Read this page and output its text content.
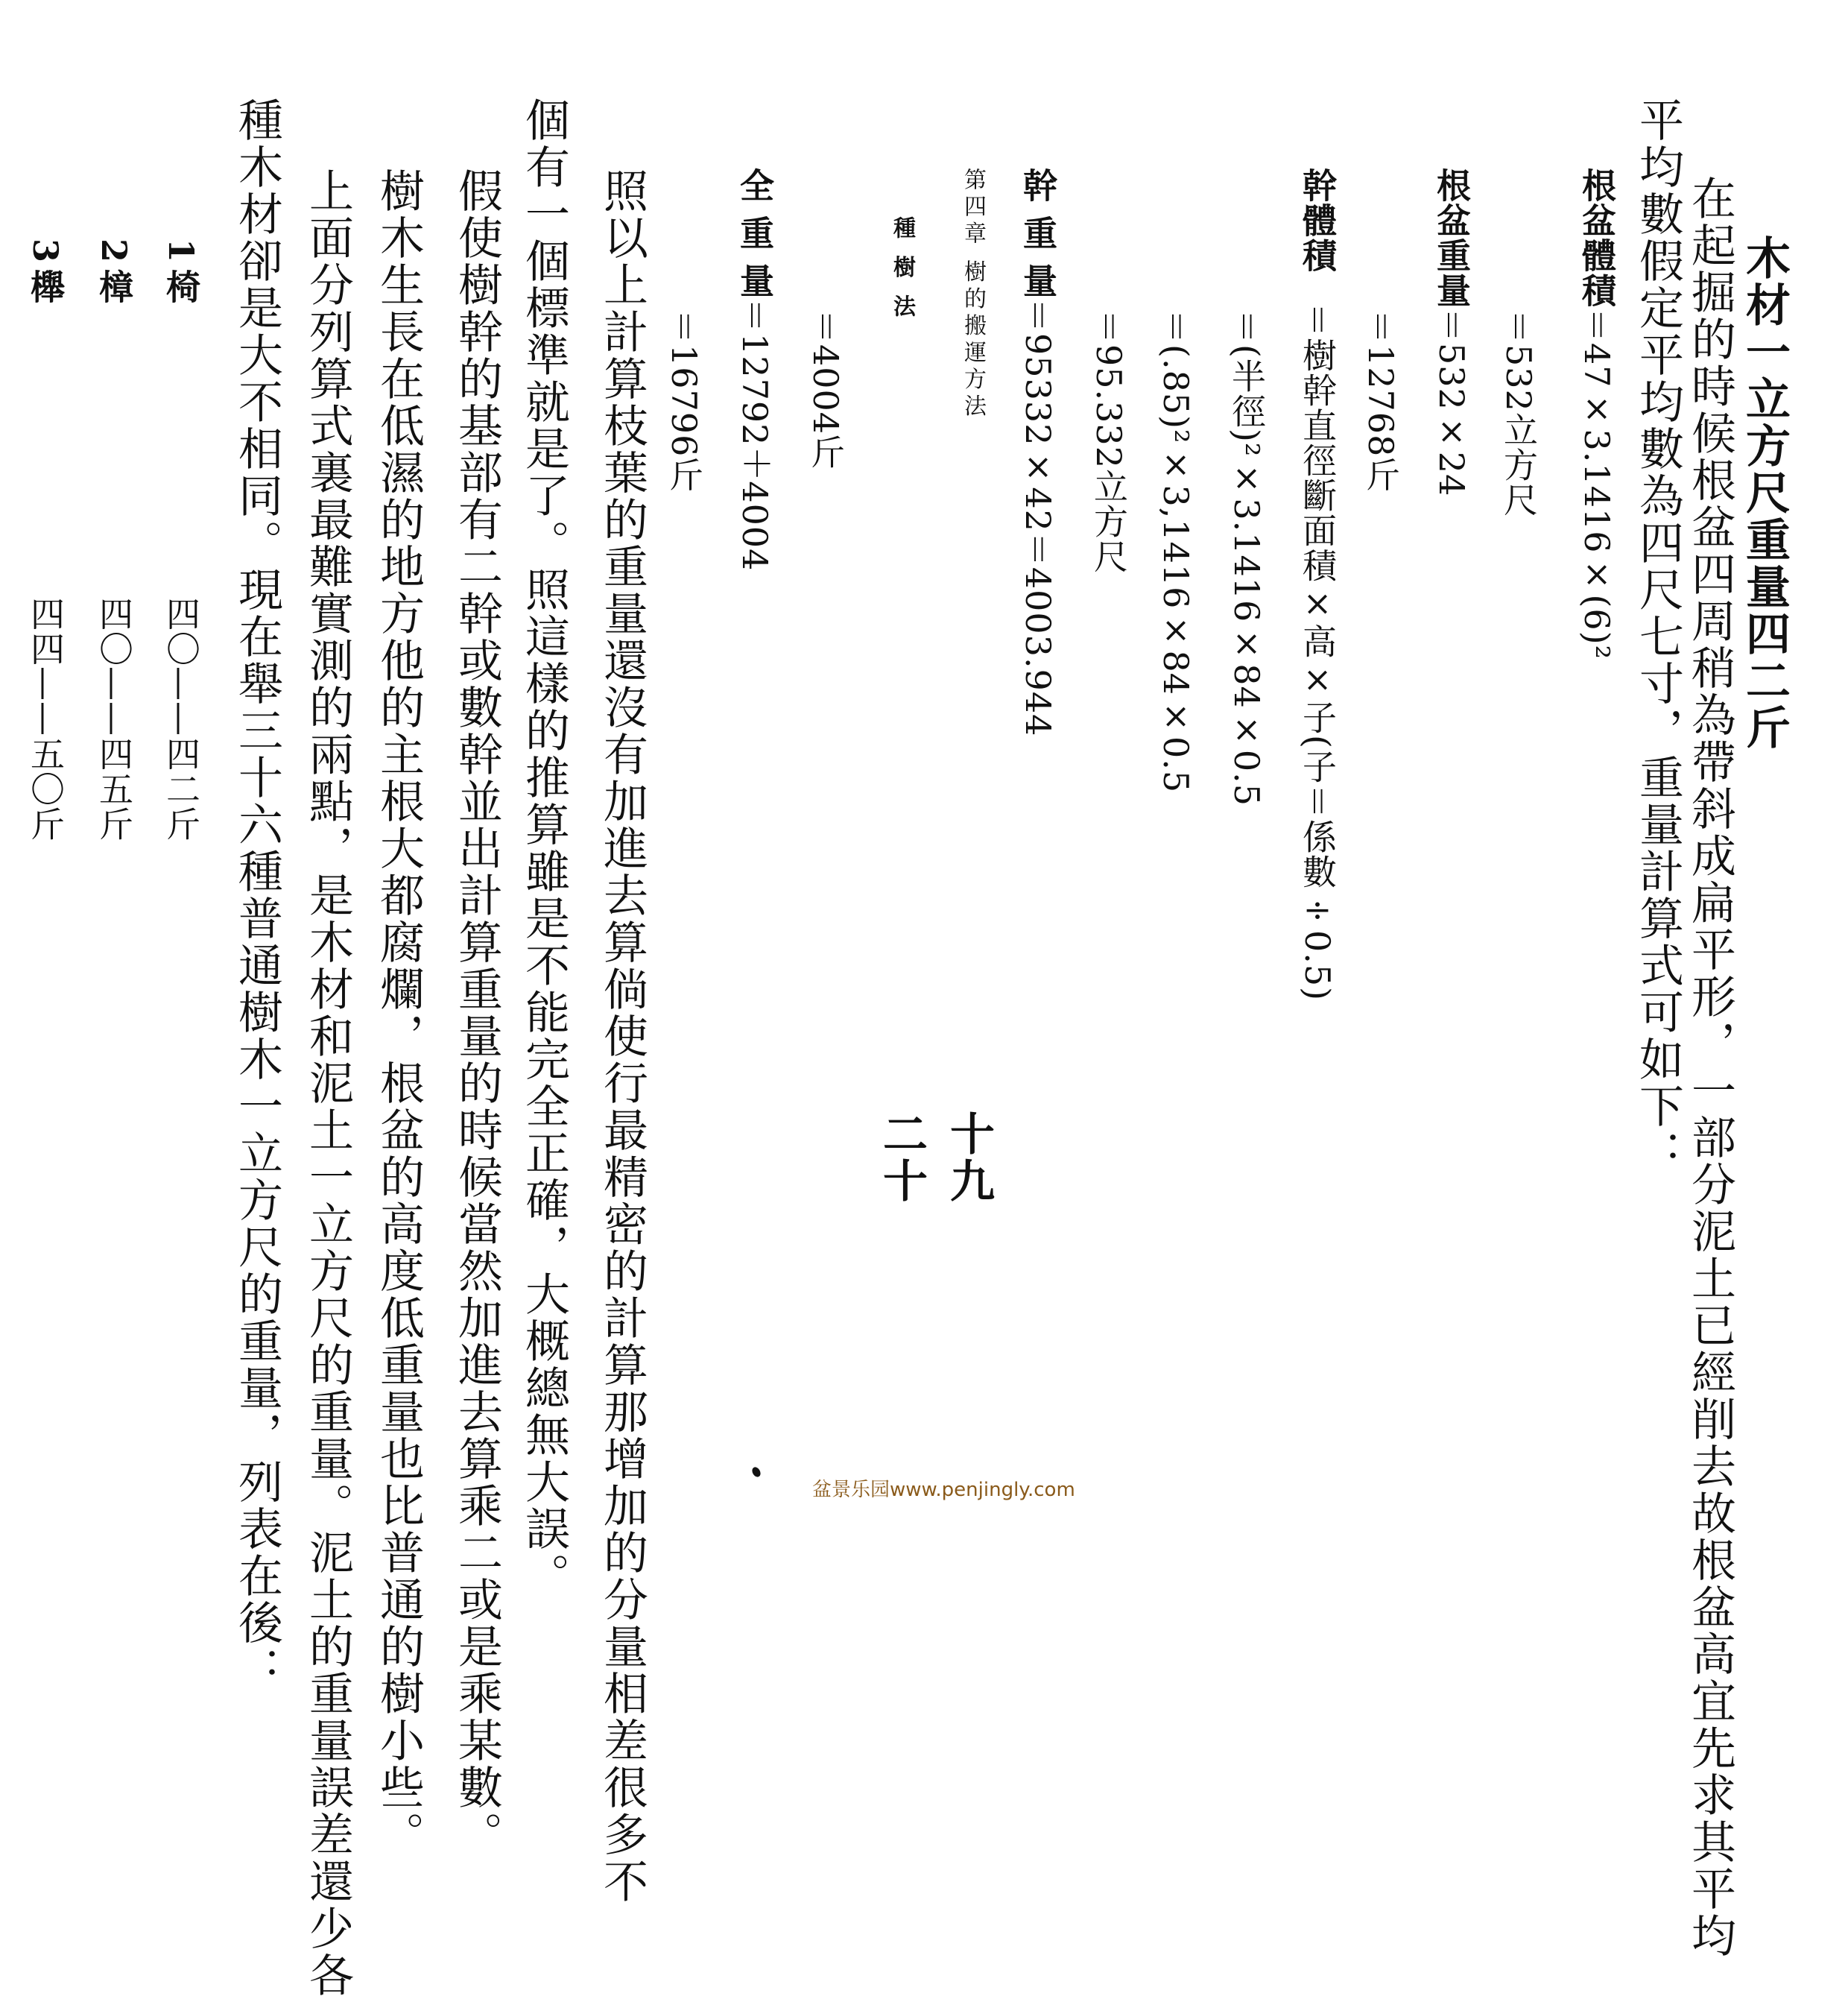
木材一立方尺重量四二斤
在起掘的時候根盆四周稍為帶斜成扁平形，一部分泥土已經削去故根盆高宜先求其平均
平均數假定平均數為四尺七寸，重量計算式可如下：
根盆體積＝47×3.1416×(6)²
＝532立方尺
根盆重量＝532×24
＝12768斤
幹體積＝樹幹直徑斷面積×高×子(子＝係數÷0.5)
＝(半徑)²×3.1416×84×0.5
＝(.85)²×3,1416×84×0.5
＝95.332立方尺
幹 重 量＝95332×42＝4003.944
第四章 樹的搬運方法
十九
種 樹 法
二十
＝4004斤
全 重 量＝12792＋4004
＝16796斤
照以上計算枝葉的重量還沒有加進去算倘使行最精密的計算那增加的分量相差很多不
個有一個標準就是了。照這樣的推算雖是不能完全正確，大概總無大誤。
假使樹幹的基部有二幹或數幹並出計算重量的時候當然加進去算乘二或是乘某數。
樹木生長在低濕的地方他的主根大都腐爛，根盆的高度低重量也比普通的樹小些。
上面分列算式裏最難實測的兩點，是木材和泥土一立方尺的重量。泥土的重量誤差還少各
種木材卻是大不相同。現在舉三十六種普通樹木一立方尺的重量，列表在後：
1椅
四〇——四二斤
2樟
四〇——四五斤
3櫸
四四——五〇斤
盆景乐园www.penjingly.com
